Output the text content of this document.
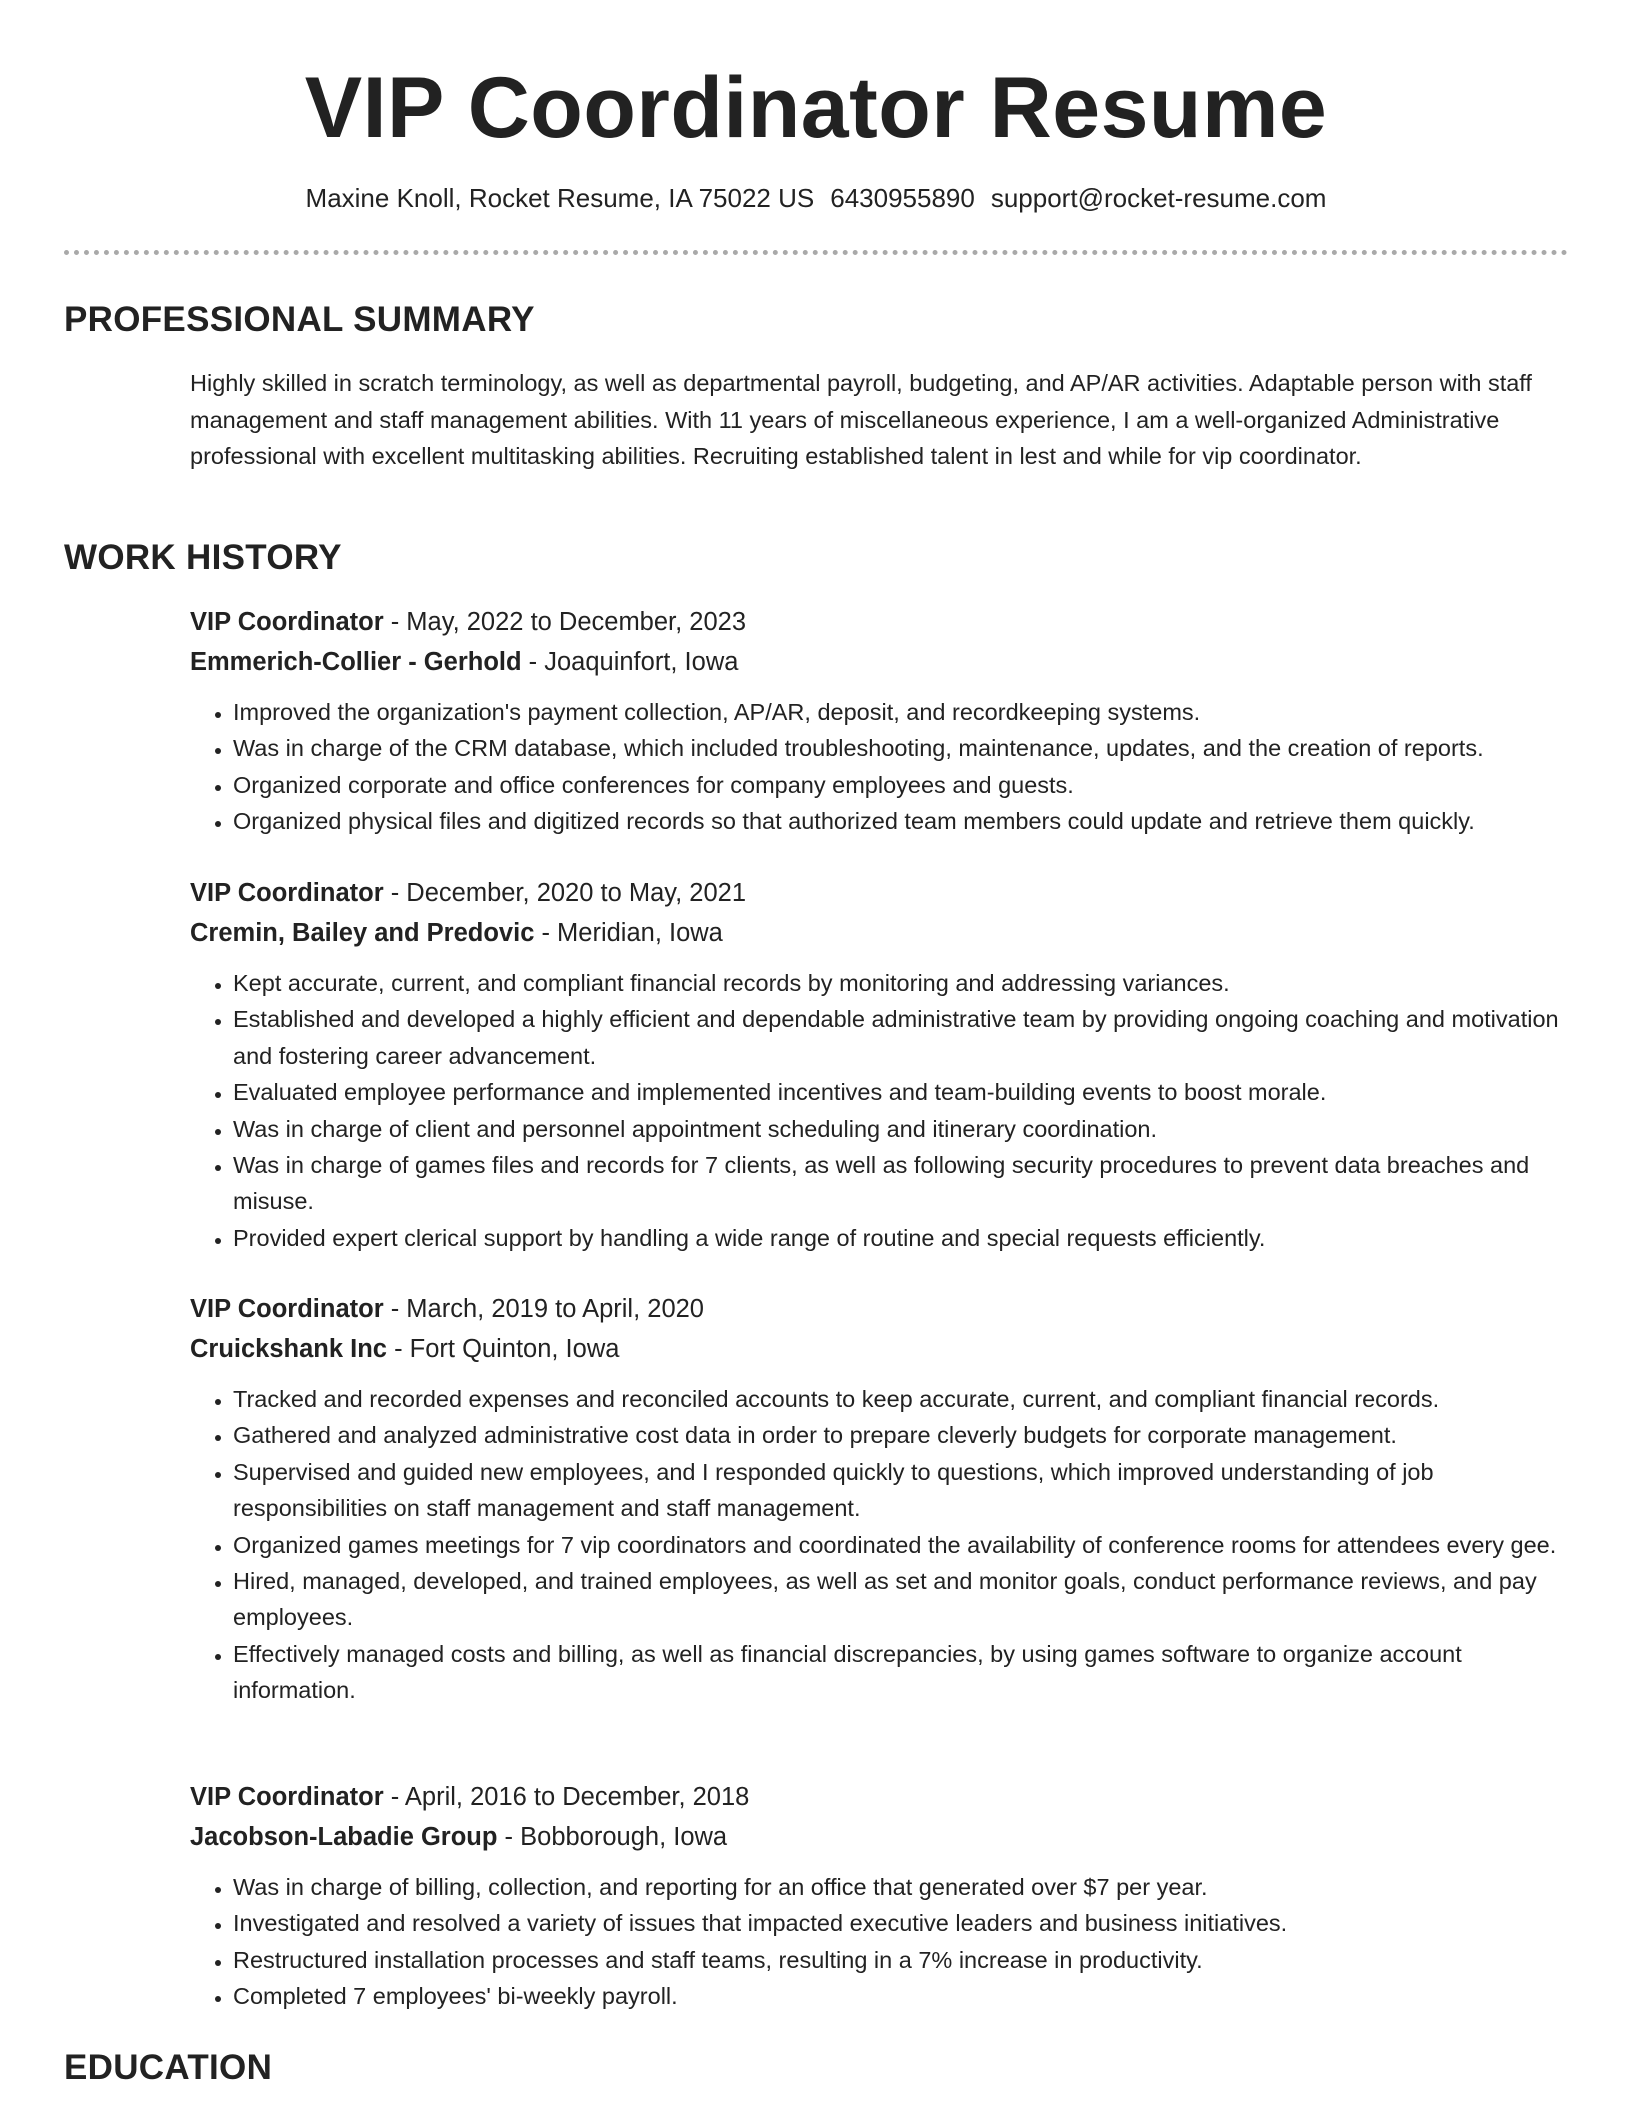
VIP Coordinator Resume
Maxine Knoll, Rocket Resume, IA 75022 US 6430955890 support@rocket-resume.com
PROFESSIONAL SUMMARY
Highly skilled in scratch terminology, as well as departmental payroll, budgeting, and AP/AR activities. Adaptable person with staff management and staff management abilities. With 11 years of miscellaneous experience, I am a well-organized Administrative professional with excellent multitasking abilities. Recruiting established talent in lest and while for vip coordinator.
WORK HISTORY
VIP Coordinator - May, 2022 to December, 2023
Emmerich-Collier - Gerhold - Joaquinfort, Iowa
• Improved the organization's payment collection, AP/AR, deposit, and recordkeeping systems.
• Was in charge of the CRM database, which included troubleshooting, maintenance, updates, and the creation of reports.
• Organized corporate and office conferences for company employees and guests.
• Organized physical files and digitized records so that authorized team members could update and retrieve them quickly.
VIP Coordinator - December, 2020 to May, 2021
Cremin, Bailey and Predovic - Meridian, Iowa
• Kept accurate, current, and compliant financial records by monitoring and addressing variances.
• Established and developed a highly efficient and dependable administrative team by providing ongoing coaching and motivation and fostering career advancement.
• Evaluated employee performance and implemented incentives and team-building events to boost morale.
• Was in charge of client and personnel appointment scheduling and itinerary coordination.
• Was in charge of games files and records for 7 clients, as well as following security procedures to prevent data breaches and misuse.
• Provided expert clerical support by handling a wide range of routine and special requests efficiently.
VIP Coordinator - March, 2019 to April, 2020
Cruickshank Inc - Fort Quinton, Iowa
• Tracked and recorded expenses and reconciled accounts to keep accurate, current, and compliant financial records.
• Gathered and analyzed administrative cost data in order to prepare cleverly budgets for corporate management.
• Supervised and guided new employees, and I responded quickly to questions, which improved understanding of job responsibilities on staff management and staff management.
• Organized games meetings for 7 vip coordinators and coordinated the availability of conference rooms for attendees every gee.
• Hired, managed, developed, and trained employees, as well as set and monitor goals, conduct performance reviews, and pay employees.
• Effectively managed costs and billing, as well as financial discrepancies, by using games software to organize account information.
VIP Coordinator - April, 2016 to December, 2018
Jacobson-Labadie Group - Bobborough, Iowa
• Was in charge of billing, collection, and reporting for an office that generated over $7 per year.
• Investigated and resolved a variety of issues that impacted executive leaders and business initiatives.
• Restructured installation processes and staff teams, resulting in a 7% increase in productivity.
• Completed 7 employees' bi-weekly payroll.
EDUCATION
